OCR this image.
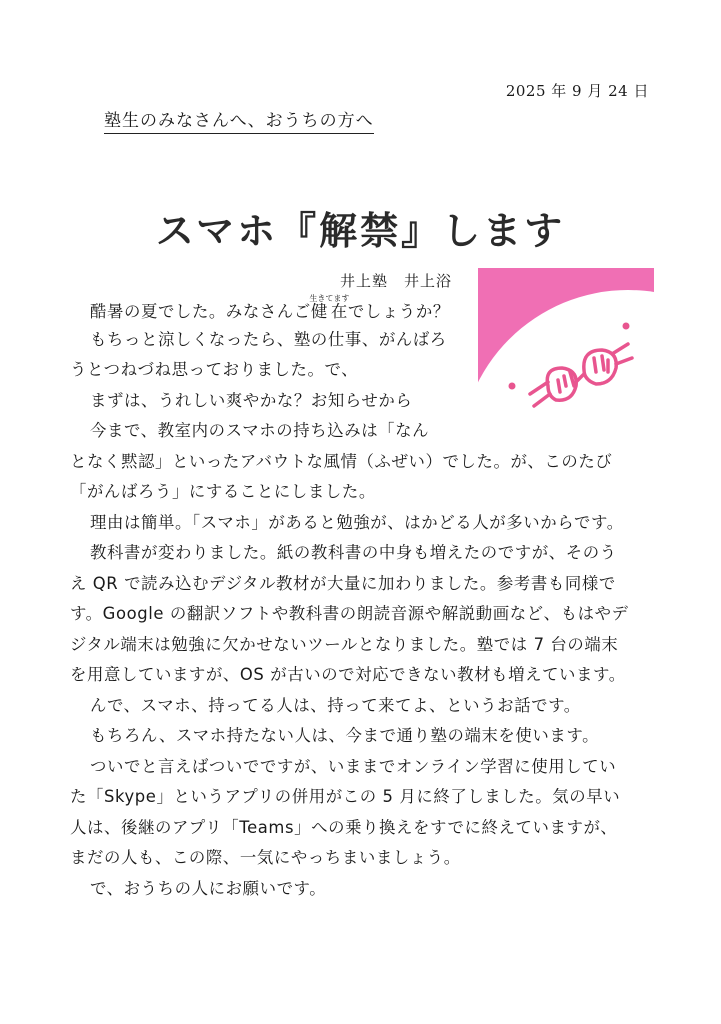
2025 年 9 月 24 日
塾生のみなさんへ、おうちの方へ
スマホ『解禁』します
井上塾 井上浴
酷暑の夏でした。みなさんご健在生きてますでしょうか？
もちっと涼しくなったら、塾の仕事、がんばろ
うとつねづね思っておりました。で、
まずは、うれしい爽やかな？お知らせから
今まで、教室内のスマホの持ち込みは「なん
となく黙認」といったアバウトな風情（ふぜい）でした。が、このたび
「がんばろう」にすることにしました。
理由は簡単。「スマホ」があると勉強が、はかどる人が多いからです。
教科書が変わりました。紙の教科書の中身も増えたのですが、そのう
え QR で読み込むデジタル教材が大量に加わりました。参考書も同様で
す。Google の翻訳ソフトや教科書の朗読音源や解説動画など、もはやデ
ジタル端末は勉強に欠かせないツールとなりました。塾では 7 台の端末
を用意していますが、OS が古いので対応できない教材も増えています。
んで、スマホ、持ってる人は、持って来てよ、というお話です。
もちろん、スマホ持たない人は、今まで通り塾の端末を使います。
ついでと言えばついでですが、いままでオンライン学習に使用してい
た「Skype」というアプリの併用がこの 5 月に終了しました。気の早い
人は、後継のアプリ「Teams」への乗り換えをすでに終えていますが、
まだの人も、この際、一気にやっちまいましょう。
で、おうちの人にお願いです。
